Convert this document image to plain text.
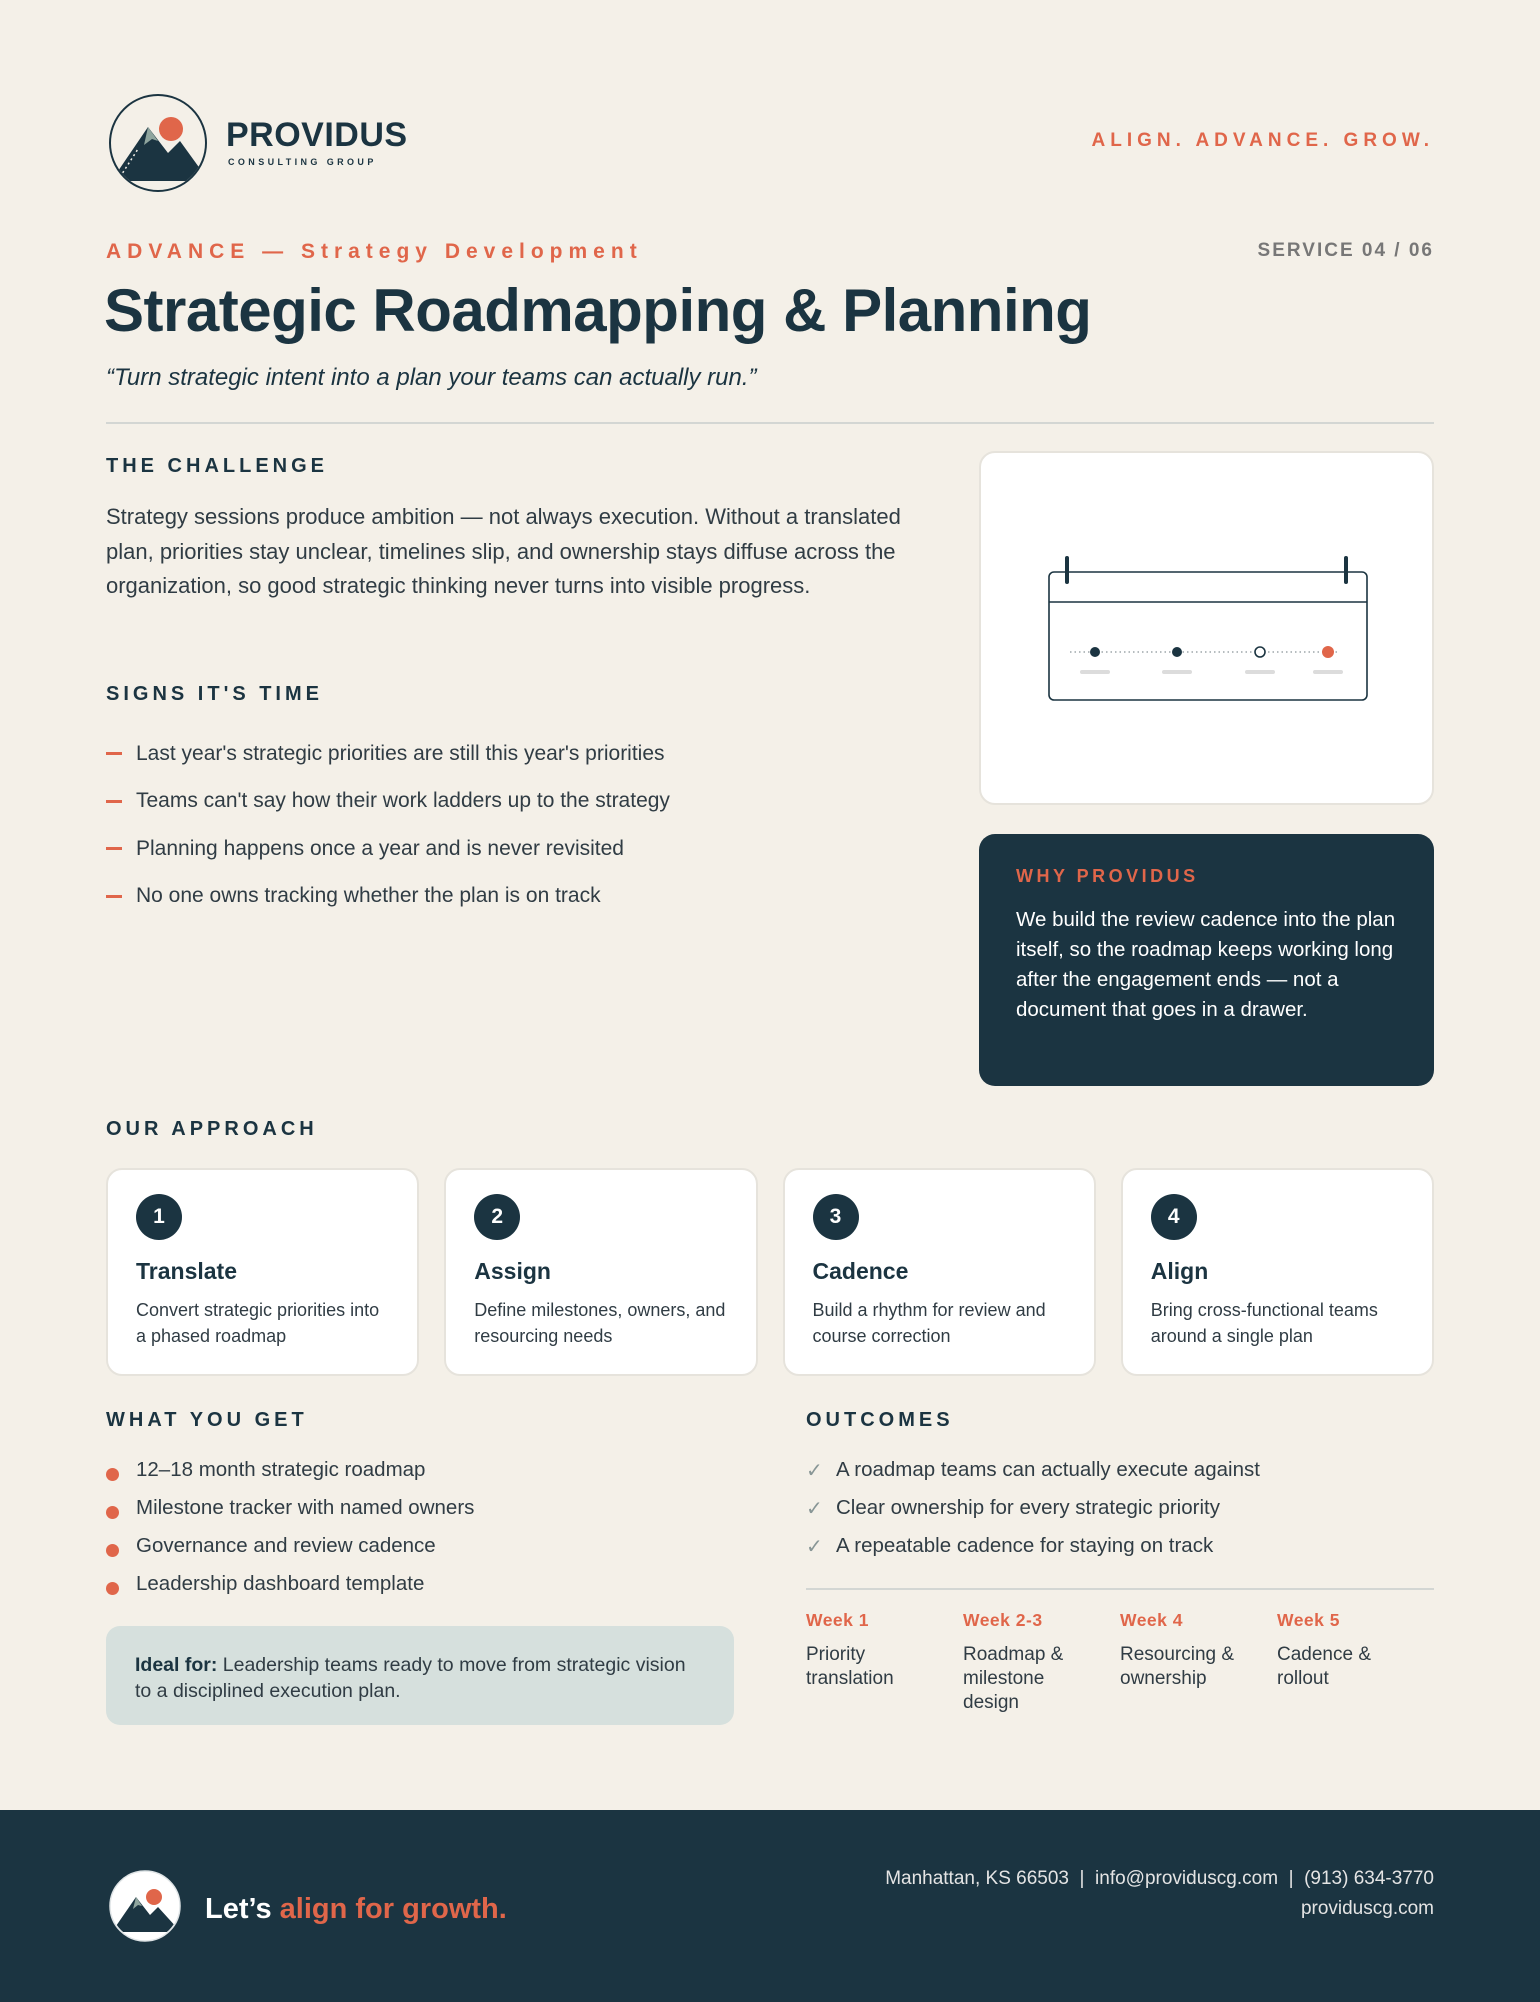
PROVIDUS
CONSULTING GROUP
ALIGN. ADVANCE. GROW.
ADVANCE — Strategy Development	SERVICE 04 / 06
Strategic Roadmapping & Planning
“Turn strategic intent into a plan your teams can actually run.”
THE CHALLENGE

Strategy sessions produce ambition — not always execution. Without a translated plan, priorities stay unclear, timelines slip, and ownership stays diffuse across the organization, so good strategic thinking never turns into visible progress.

SIGNS IT'S TIME
Last year's strategic priorities are still this year's priorities
Teams can't say how their work ladders up to the strategy
Planning happens once a year and is never revisited
No one owns tracking whether the plan is on track
WHY PROVIDUS

We build the review cadence into the plan itself, so the roadmap keeps working long after the engagement ends — not a document that goes in a drawer.

OUR APPROACH
1
Translate
Convert strategic priorities into a phased roadmap
2
Assign
Define milestones, owners, and resourcing needs
3
Cadence
Build a rhythm for review and course correction
4
Align
Bring cross-functional teams around a single plan
WHAT YOU GET
12–18 month strategic roadmap
Milestone tracker with named owners
Governance and review cadence
Leadership dashboard template
Ideal for: Leadership teams ready to move from strategic vision to a disciplined execution plan.
OUTCOMES
✓ A roadmap teams can actually execute against
✓ Clear ownership for every strategic priority
✓ A repeatable cadence for staying on track
Week 1
Priority translation
Week 2-3
Roadmap & milestone design
Week 4
Resourcing & ownership
Week 5
Cadence & rollout
Let’s align for growth.
Manhattan, KS 66503  |  info@providuscg.com  |  (913) 634-3770
providuscg.com
